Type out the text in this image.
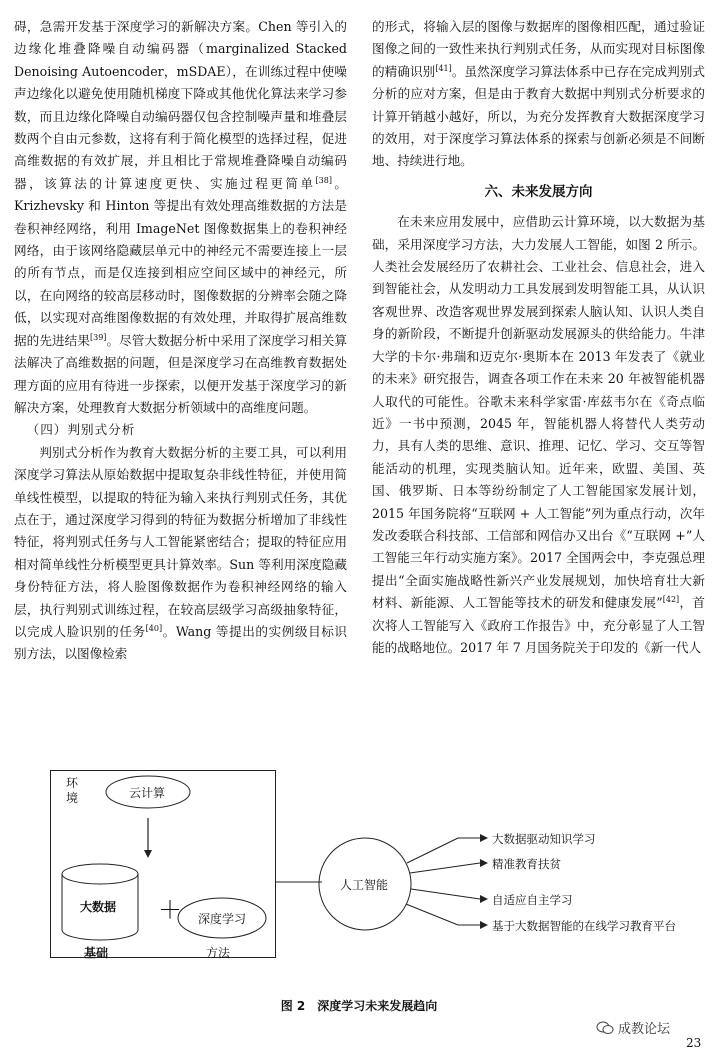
碍，急需开发基于深度学习的新解决方案。Chen 等引入的边缘化堆叠降噪自动编码器（marginalized Stacked Denoising Autoencoder，mSDAE），在训练过程中使噪声边缘化以避免使用随机梯度下降或其他优化算法来学习参数，而且边缘化降噪自动编码器仅包含控制噪声量和堆叠层数两个自由元参数，这将有利于简化模型的选择过程，促进高维数据的有效扩展，并且相比于常规堆叠降噪自动编码器，该算法的计算速度更快、实施过程更简单[38]。Krizhevsky 和 Hinton 等提出有效处理高维数据的方法是卷积神经网络，利用 ImageNet 图像数据集上的卷积神经网络，由于该网络隐藏层单元中的神经元不需要连接上一层的所有节点，而是仅连接到相应空间区域中的神经元，所以，在向网络的较高层移动时，图像数据的分辨率会随之降低，以实现对高维图像数据的有效处理，并取得扩展高维数据的先进结果[39]。尽管大数据分析中采用了深度学习相关算法解决了高维数据的问题，但是深度学习在高维教育数据处理方面的应用有待进一步探索，以便开发基于深度学习的新解决方案，处理教育大数据分析领域中的高维度问题。

（四）判别式分析

判别式分析作为教育大数据分析的主要工具，可以利用深度学习算法从原始数据中提取复杂非线性特征，并使用简单线性模型，以提取的特征为输入来执行判别式任务，其优点在于，通过深度学习得到的特征为数据分析增加了非线性特征，将判别式任务与人工智能紧密结合；提取的特征应用相对简单线性分析模型更具计算效率。Sun 等利用深度隐藏身份特征方法，将人脸图像数据作为卷积神经网络的输入层，执行判别式训练过程，在较高层级学习高级抽象特征，以完成人脸识别的任务[40]。Wang 等提出的实例级目标识别方法，以图像检索

的形式，将输入层的图像与数据库的图像相匹配，通过验证图像之间的一致性来执行判别式任务，从而实现对目标图像的精确识别[41]。虽然深度学习算法体系中已存在完成判别式分析的应对方案，但是由于教育大数据中判别式分析要求的计算开销越小越好，所以，为充分发挥教育大数据深度学习的效用，对于深度学习算法体系的探索与创新必须是不间断地、持续进行地。

六、未来发展方向

在未来应用发展中，应借助云计算环境，以大数据为基础，采用深度学习方法，大力发展人工智能，如图 2 所示。人类社会发展经历了农耕社会、工业社会、信息社会，进入到智能社会，从发明动力工具发展到发明智能工具，从认识客观世界、改造客观世界发展到探索人脑认知、认识人类自身的新阶段，不断提升创新驱动发展源头的供给能力。牛津大学的卡尔·弗瑞和迈克尔·奥斯本在 2013 年发表了《就业的未来》研究报告，调查各项工作在未来 20 年被智能机器人取代的可能性。谷歌未来科学家雷·库兹韦尔在《奇点临近》一书中预测，2045 年，智能机器人将替代人类劳动力，具有人类的思维、意识、推理、记忆、学习、交互等智能活动的机理，实现类脑认知。近年来，欧盟、美国、英国、俄罗斯、日本等纷纷制定了人工智能国家发展计划，2015 年国务院将“互联网 + 人工智能”列为重点行动，次年发改委联合科技部、工信部和网信办又出台《“互联网 +”人工智能三年行动实施方案》。2017 全国两会中，李克强总理提出“全面实施战略性新兴产业发展规划，加快培育壮大新材料、新能源、人工智能等技术的研发和健康发展”[42]，首次将人工智能写入《政府工作报告》中，充分彰显了人工智能的战略地位。2017 年 7 月国务院关于印发的《新一代人

环境	云计算
大数据 ＋ 深度学习
基础	方法
人工智能
大数据驱动知识学习
精准教育扶贫
自适应自主学习
基于大数据智能的在线学习教育平台
图 2　深度学习未来发展趋向
成教论坛
23
